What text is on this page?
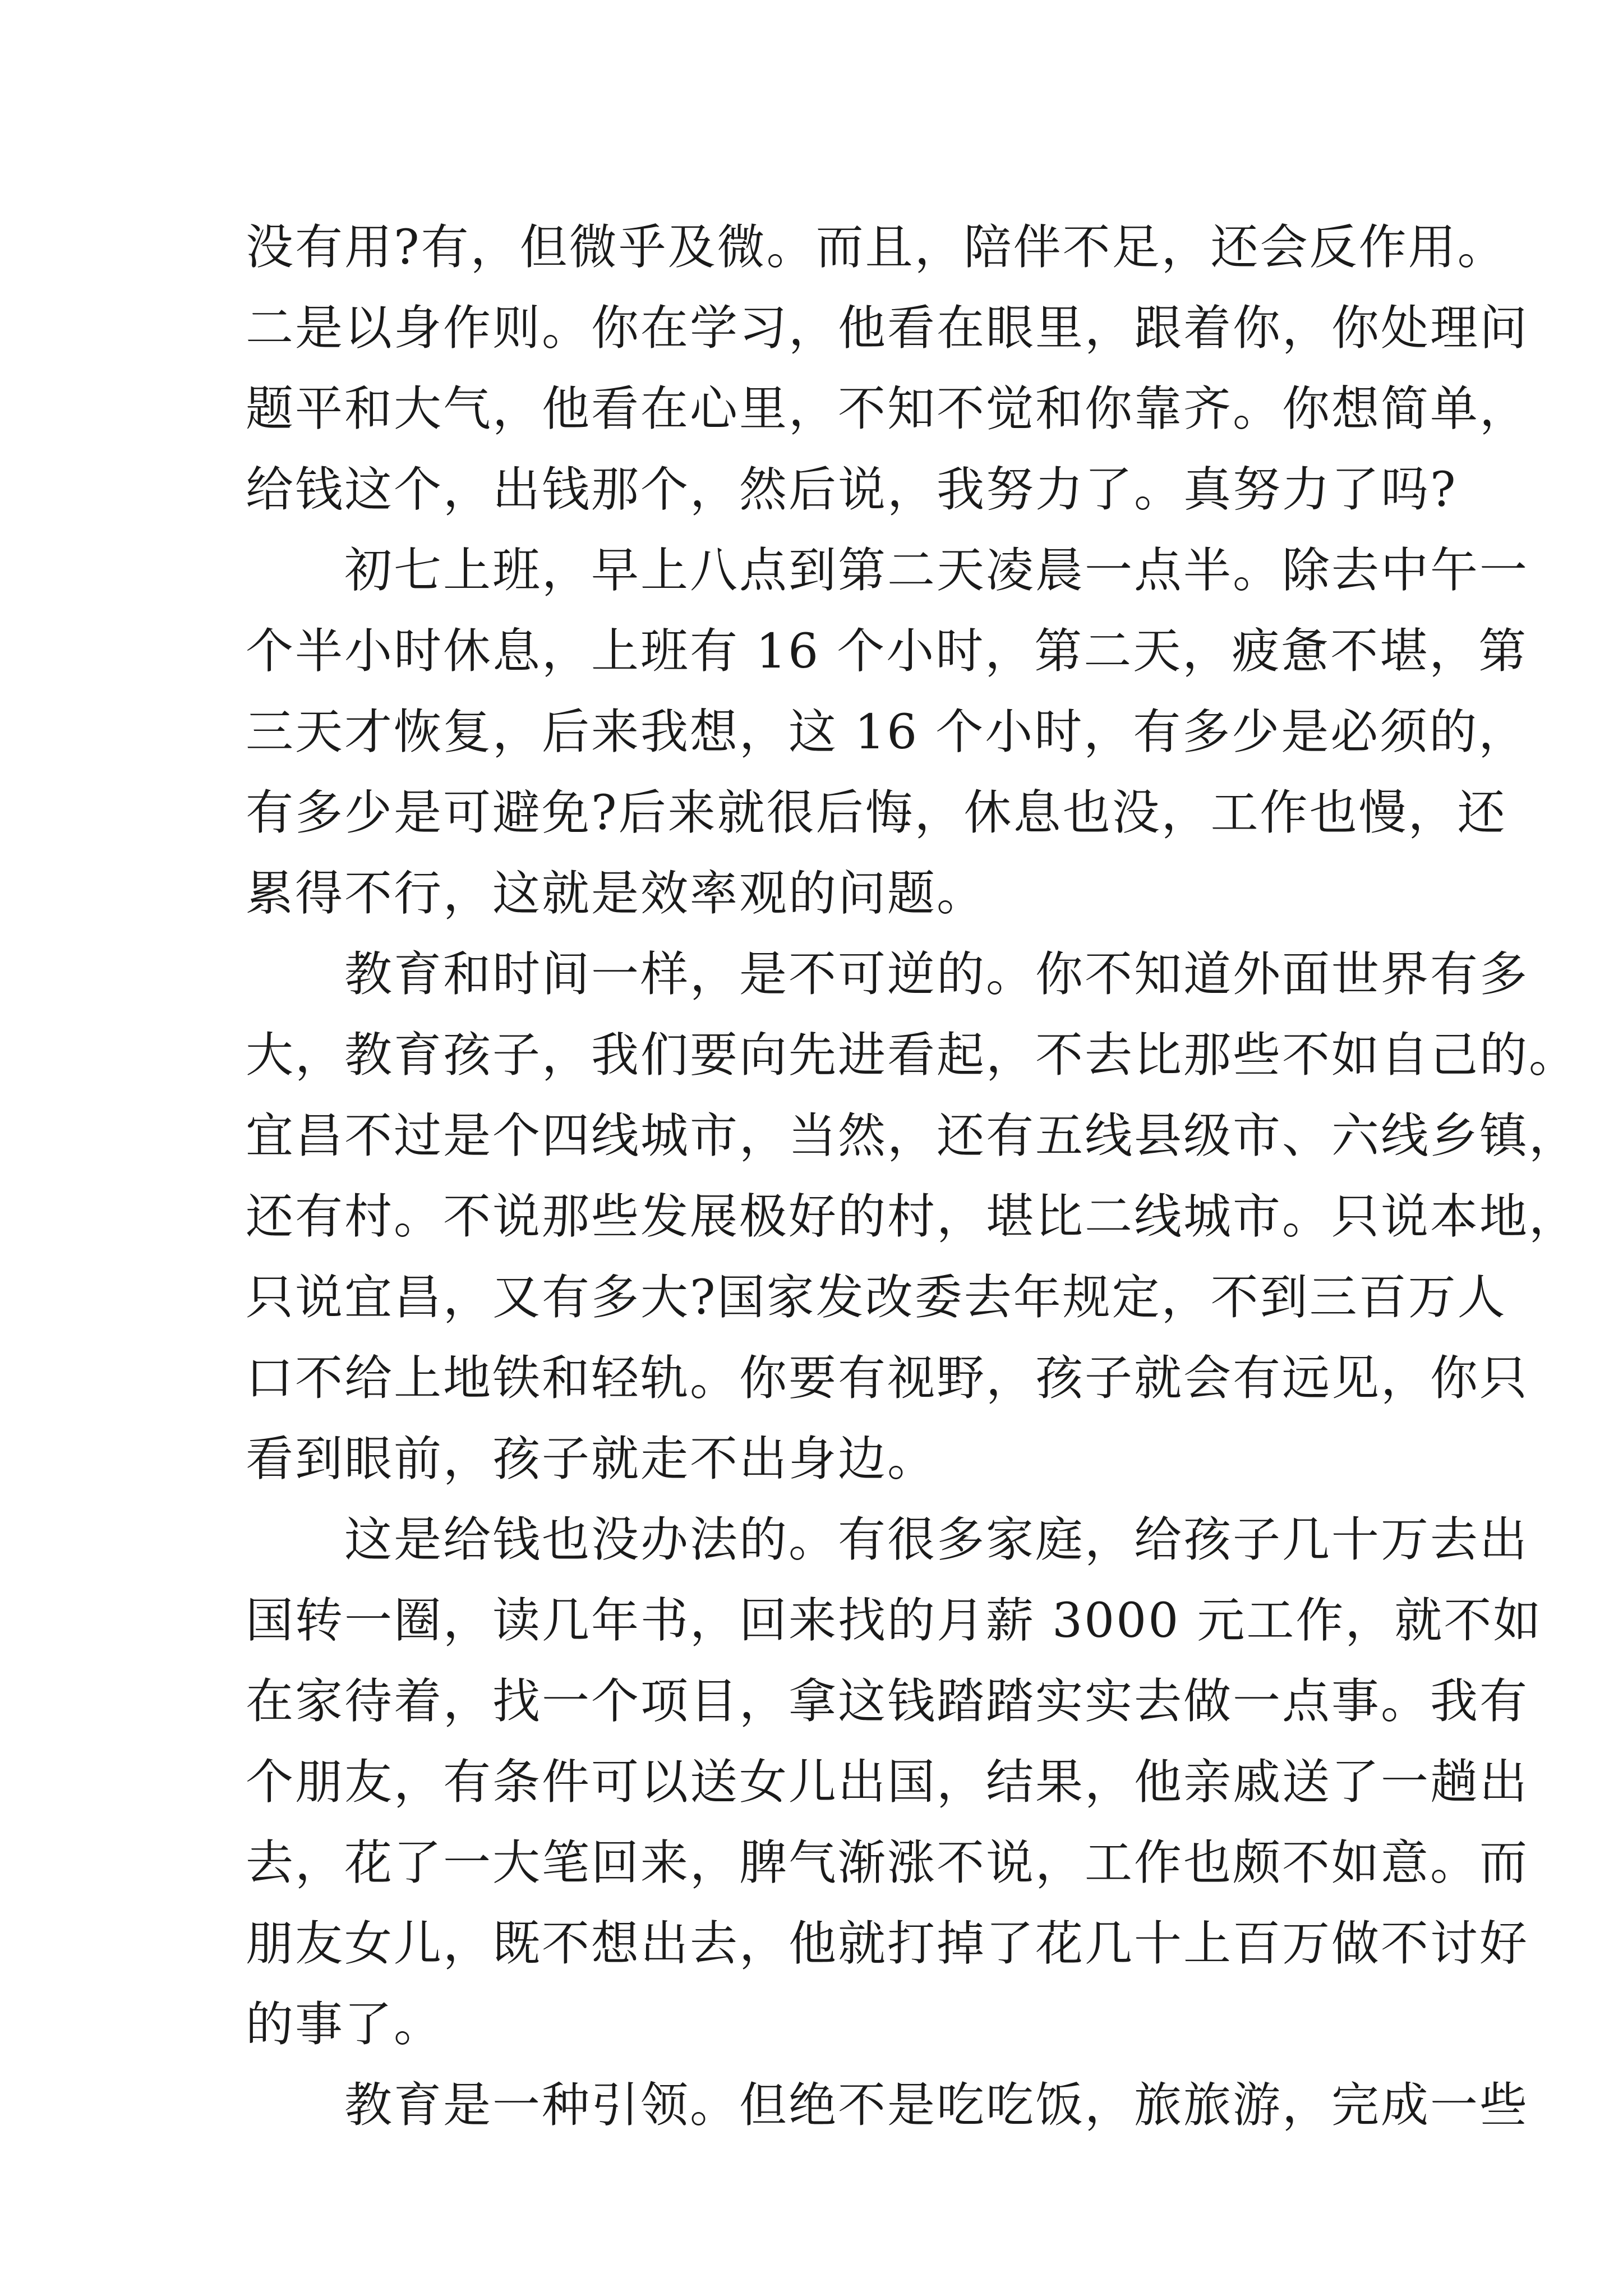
没有用?有，但微乎及微。而且，陪伴不足，还会反作用。
二是以身作则。你在学习，他看在眼里，跟着你，你处理问
题平和大气，他看在心里，不知不觉和你靠齐。你想简单，
给钱这个，出钱那个，然后说，我努力了。真努力了吗?
　　初七上班，早上八点到第二天凌晨一点半。除去中午一
个半小时休息，上班有 16 个小时，第二天，疲惫不堪，第
三天才恢复，后来我想，这 16 个小时，有多少是必须的，
有多少是可避免?后来就很后悔，休息也没，工作也慢，还
累得不行，这就是效率观的问题。
　　教育和时间一样，是不可逆的。你不知道外面世界有多
大，教育孩子，我们要向先进看起，不去比那些不如自己的。
宜昌不过是个四线城市，当然，还有五线县级市、六线乡镇，
还有村。不说那些发展极好的村，堪比二线城市。只说本地，
只说宜昌，又有多大?国家发改委去年规定，不到三百万人
口不给上地铁和轻轨。你要有视野，孩子就会有远见，你只
看到眼前，孩子就走不出身边。
　　这是给钱也没办法的。有很多家庭，给孩子几十万去出
国转一圈，读几年书，回来找的月薪 3000 元工作，就不如
在家待着，找一个项目，拿这钱踏踏实实去做一点事。我有
个朋友，有条件可以送女儿出国，结果，他亲戚送了一趟出
去，花了一大笔回来，脾气渐涨不说，工作也颇不如意。而
朋友女儿，既不想出去，他就打掉了花几十上百万做不讨好
的事了。
　　教育是一种引领。但绝不是吃吃饭，旅旅游，完成一些
